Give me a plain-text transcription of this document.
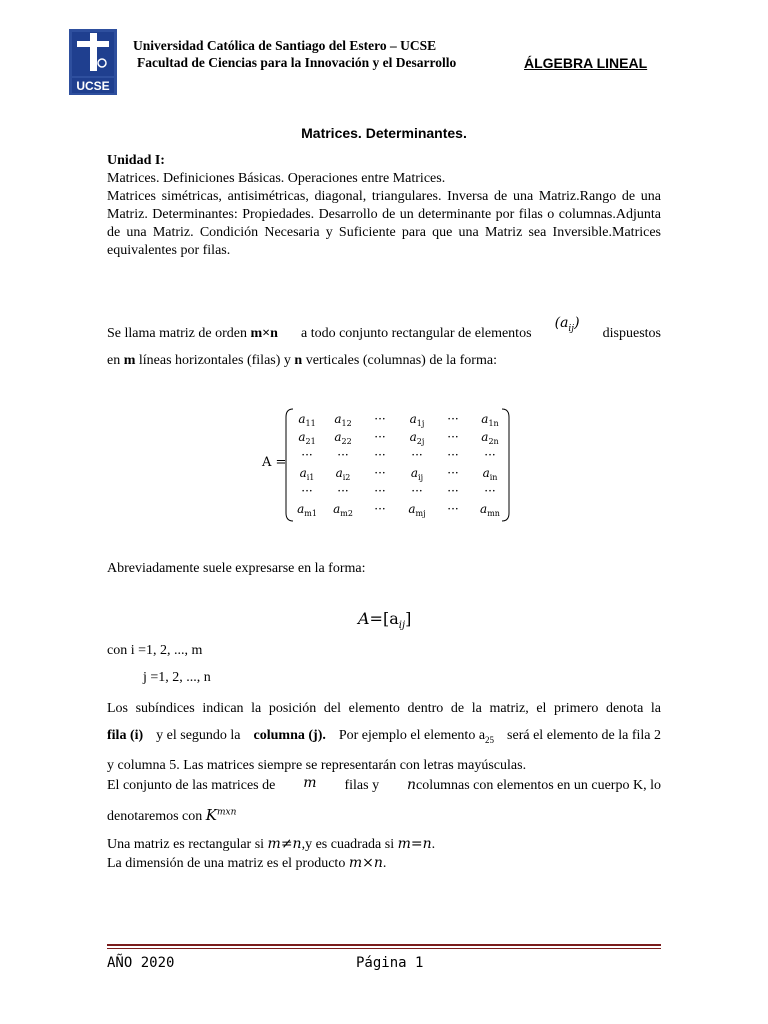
UCSE
Universidad Católica de Santiago del Estero – UCSE
Facultad de Ciencias para la Innovación y el Desarrollo	ÁLGEBRA LINEAL
Matrices. Determinantes.
Unidad I:
Matrices. Definiciones Básicas. Operaciones entre Matrices.
Matrices simétricas, antisimétricas, diagonal, triangulares. Inversa de una Matriz.Rango de una Matriz. Determinantes: Propiedades. Desarrollo de un determinante por filas o columnas.Adjunta de una Matriz. Condición Necesaria y Suficiente para que una Matriz sea Inversible.Matrices equivalentes por filas.
Se llama matriz de orden m×n a todo conjunto rectangular de elementos
$(a_{ij})$
dispuestos
en m líneas horizontales (filas) y n verticales (columnas) de la forma:
A =
$a_{11}$ $a_{12}$ ··· $a_{1j}$ ··· $a_{1n}$
$a_{21}$ $a_{22}$ ··· $a_{2j}$ ··· $a_{2n}$
··· ··· ··· ··· ··· ···
$a_{i1}$ $a_{i2}$ ··· $a_{ij}$ ··· $a_{in}$
··· ··· ··· ··· ··· ···
$a_{m1}$ $a_{m2}$ ··· $a_{mj}$ ··· $a_{mn}$
Abreviadamente suele expresarse en la forma:
$A=[a_{ij}]$
con i =1, 2, ..., m
j =1, 2, ..., n
Los subíndices indican la posición del elemento dentro de la matriz, el primero denota la
fila (i) y el segundo la columna (j). Por ejemplo el elemento $a_{25}$ será el elemento de la fila 2
y columna 5. Las matrices siempre se representarán con letras mayúsculas.
El conjunto de las matrices de m filas y ncolumnas con elementos en un cuerpo K, lo
denotaremos con $K^{mxn}$
Una matriz es rectangular si m≠n,y es cuadrada si m=n.
La dimensión de una matriz es el producto m×n.
AÑO 2020	Página 1
